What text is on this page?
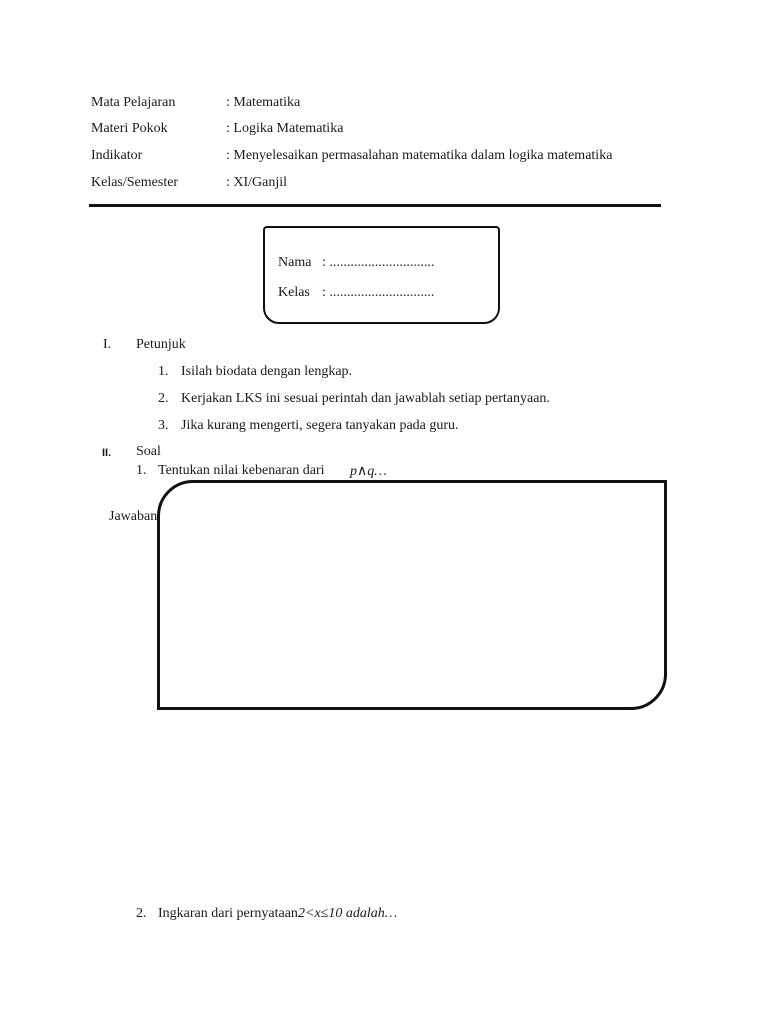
Mata Pelajaran	: Matematika
Materi Pokok	: Logika Matematika
Indikator	: Menyelesaikan permasalahan matematika dalam logika matematika
Kelas/Semester	: XI/Ganjil
Nama : ..............................
Kelas : ..............................
I. Petunjuk
1. Isilah biodata dengan lengkap.
2. Kerjakan LKS ini sesuai perintah dan jawablah setiap pertanyaan.
3. Jika kurang mengerti, segera tanyakan pada guru.
II. Soal
1. Tentukan nilai kebenaran dari p∧q…
Jawaban:
2. Ingkaran dari pernyataan 2<x≤10 adalah…
